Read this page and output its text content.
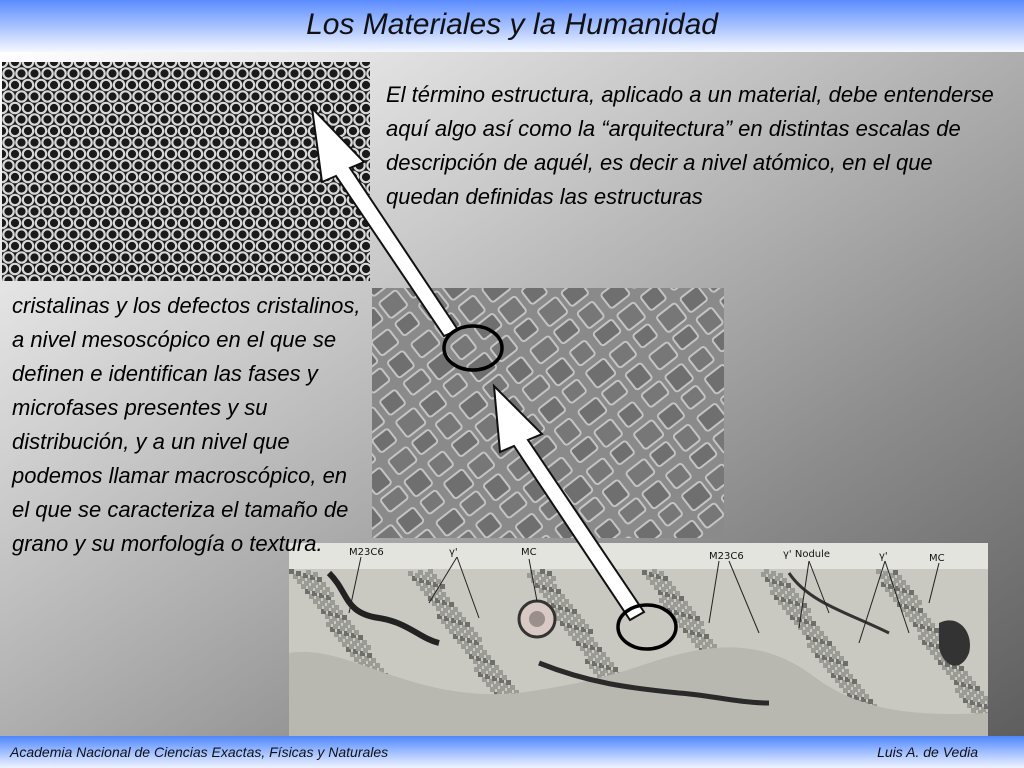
Los Materiales y la Humanidad
M23C6	γ'	MC	M23C6	γ' Nodule	γ'	MC
El término estructura, aplicado a un material, debe entenderse aquí algo así como la “arquitectura” en distintas escalas de descripción de aquél, es decir a nivel atómico, en el que quedan definidas las estructuras
cristalinas y los defectos cristalinos, a nivel mesoscópico en el que se definen e identifican las fases y microfases presentes y su distribución, y a un nivel que podemos llamar macroscópico, en el que se caracteriza el tamaño de grano y su morfología o textura.
Academia Nacional de Ciencias Exactas, Físicas y Naturales	Luis A. de Vedia
